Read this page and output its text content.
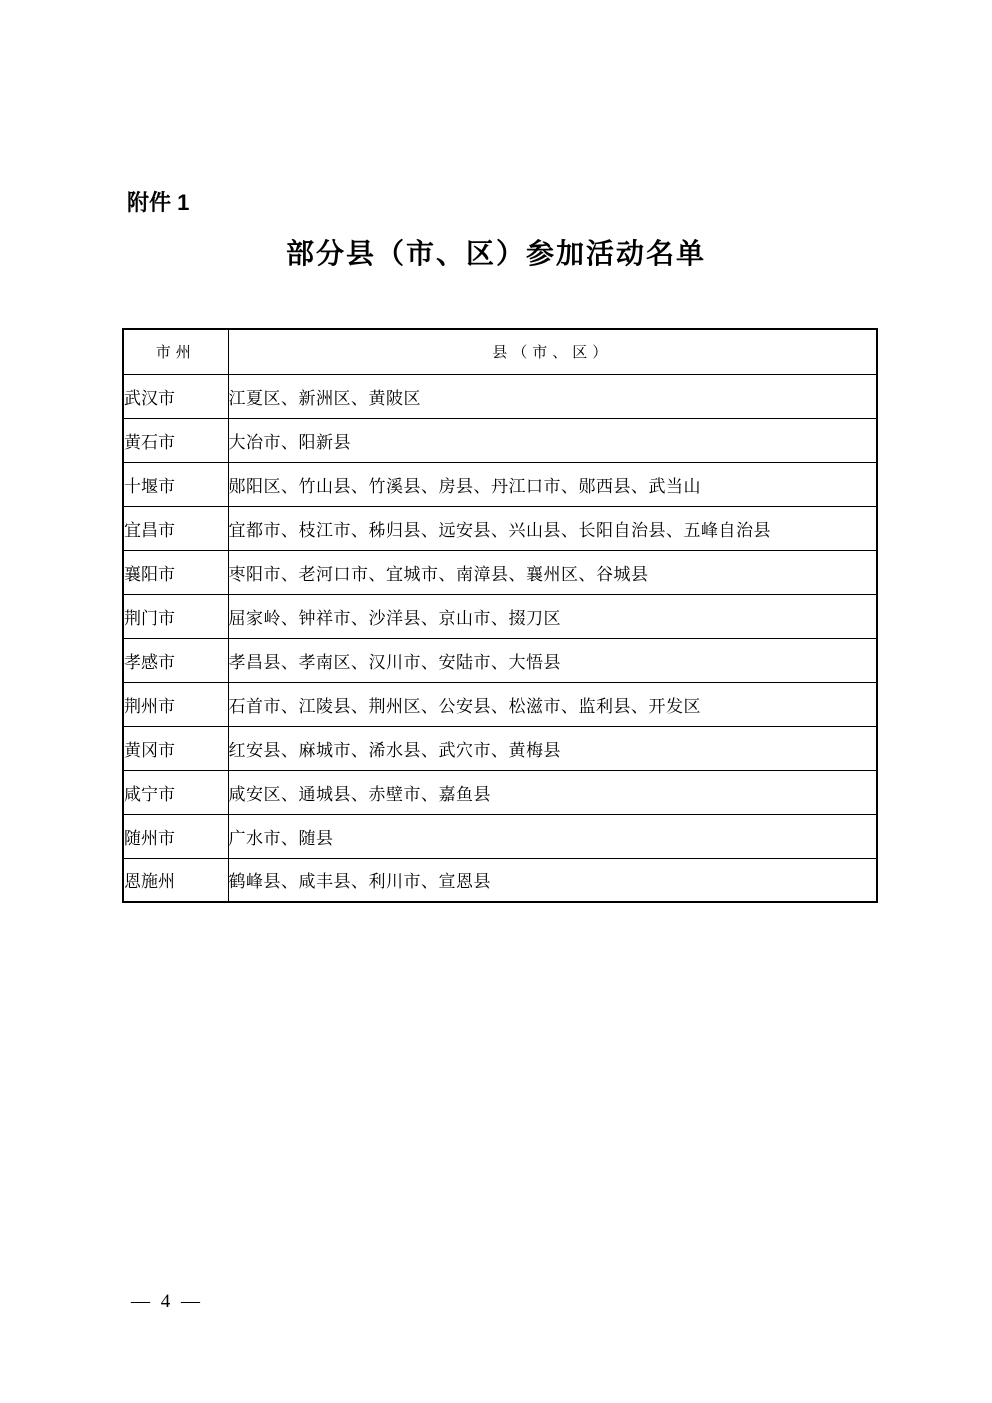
附件 1
部分县（市、区）参加活动名单
市州	县（市、区）
武汉市	江夏区、新洲区、黄陂区
黄石市	大冶市、阳新县
十堰市	郧阳区、竹山县、竹溪县、房县、丹江口市、郧西县、武当山
宜昌市	宜都市、枝江市、秭归县、远安县、兴山县、长阳自治县、五峰自治县
襄阳市	枣阳市、老河口市、宜城市、南漳县、襄州区、谷城县
荆门市	屈家岭、钟祥市、沙洋县、京山市、掇刀区
孝感市	孝昌县、孝南区、汉川市、安陆市、大悟县
荆州市	石首市、江陵县、荆州区、公安县、松滋市、监利县、开发区
黄冈市	红安县、麻城市、浠水县、武穴市、黄梅县
咸宁市	咸安区、通城县、赤壁市、嘉鱼县
随州市	广水市、随县
恩施州	鹤峰县、咸丰县、利川市、宣恩县
— 4 —
